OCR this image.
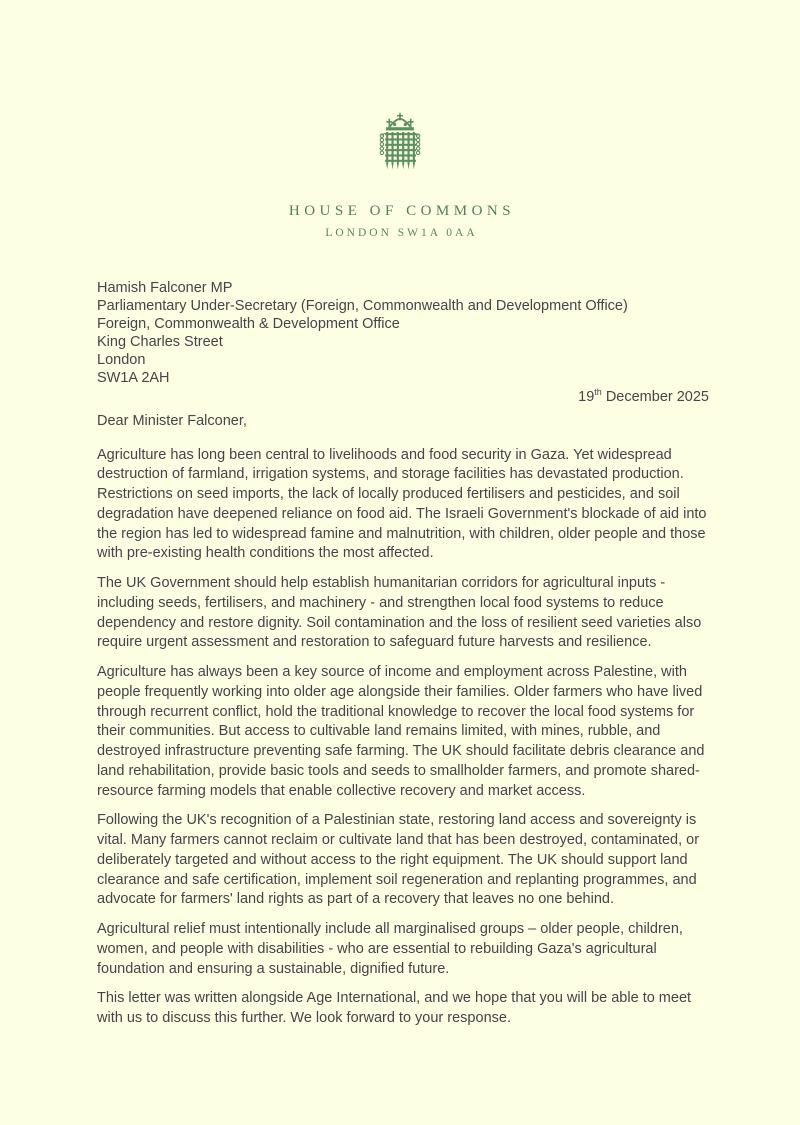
HOUSE OF COMMONS
LONDON SW1A 0AA
Hamish Falconer MP
Parliamentary Under-Secretary (Foreign, Commonwealth and Development Office)
Foreign, Commonwealth & Development Office
King Charles Street
London
SW1A 2AH
19th December 2025

Dear Minister Falconer,

Agriculture has long been central to livelihoods and food security in Gaza. Yet widespread destruction of farmland, irrigation systems, and storage facilities has devastated production. Restrictions on seed imports, the lack of locally produced fertilisers and pesticides, and soil degradation have deepened reliance on food aid. The Israeli Government's blockade of aid into the region has led to widespread famine and malnutrition, with children, older people and those with pre-existing health conditions the most affected.

The UK Government should help establish humanitarian corridors for agricultural inputs - including seeds, fertilisers, and machinery - and strengthen local food systems to reduce dependency and restore dignity. Soil contamination and the loss of resilient seed varieties also require urgent assessment and restoration to safeguard future harvests and resilience.

Agriculture has always been a key source of income and employment across Palestine, with people frequently working into older age alongside their families. Older farmers who have lived through recurrent conflict, hold the traditional knowledge to recover the local food systems for their communities. But access to cultivable land remains limited, with mines, rubble, and destroyed infrastructure preventing safe farming. The UK should facilitate debris clearance and land rehabilitation, provide basic tools and seeds to smallholder farmers, and promote shared-resource farming models that enable collective recovery and market access.

Following the UK's recognition of a Palestinian state, restoring land access and sovereignty is vital. Many farmers cannot reclaim or cultivate land that has been destroyed, contaminated, or deliberately targeted and without access to the right equipment. The UK should support land clearance and safe certification, implement soil regeneration and replanting programmes, and advocate for farmers' land rights as part of a recovery that leaves no one behind.

Agricultural relief must intentionally include all marginalised groups – older people, children, women, and people with disabilities - who are essential to rebuilding Gaza's agricultural foundation and ensuring a sustainable, dignified future.

This letter was written alongside Age International, and we hope that you will be able to meet with us to discuss this further. We look forward to your response.
